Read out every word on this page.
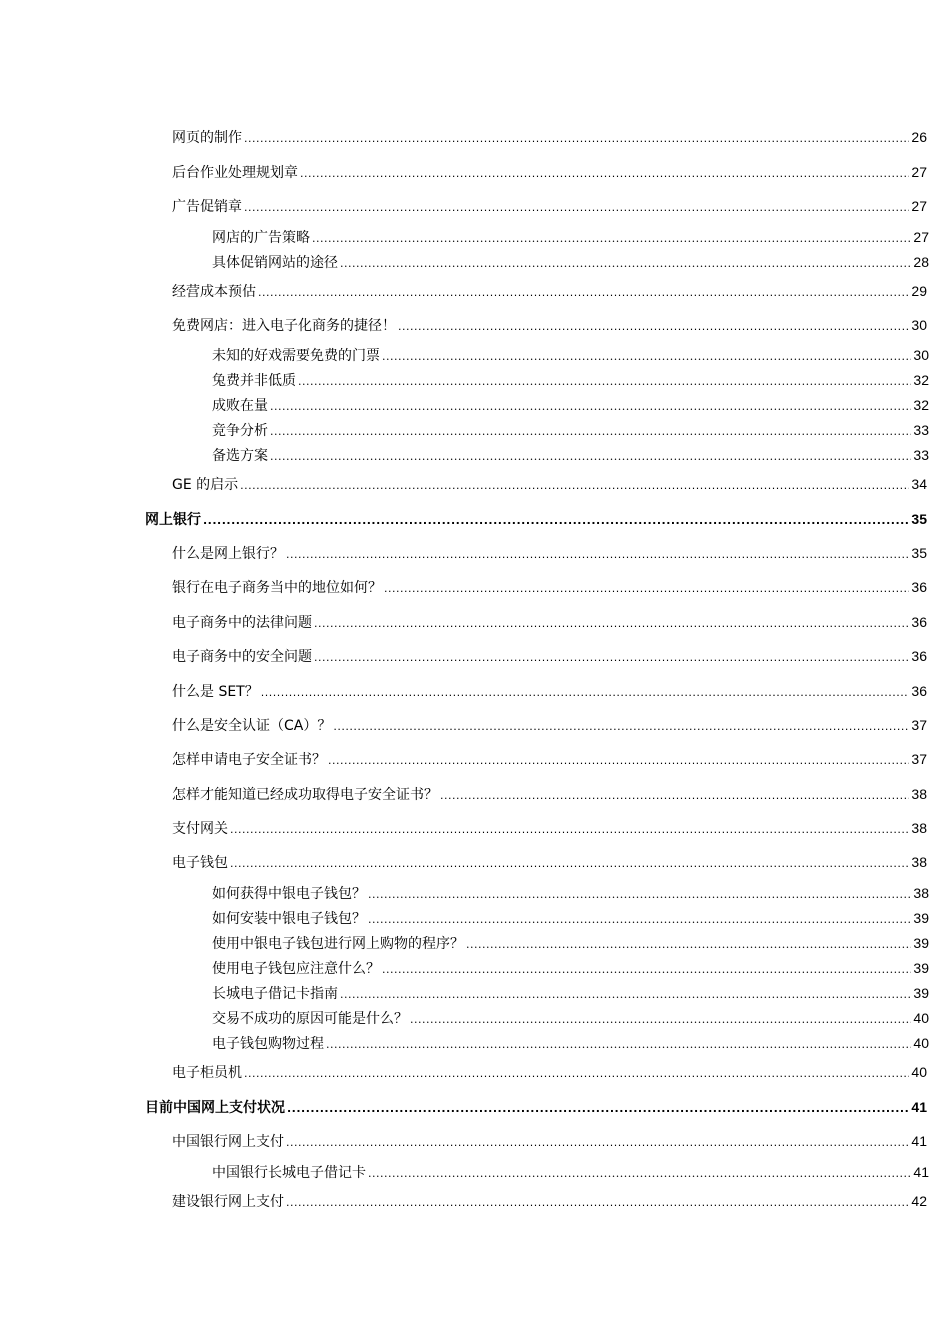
网页的制作 .....	26
后台作业处理规划章 .....	27
广告促销章 .....	27
网店的广告策略 .....	27
具体促销网站的途径 .....	28
经营成本预估 .....	29
免费网店：进入电子化商务的捷径！ .....	30
未知的好戏需要免费的门票 .....	30
兔费并非低质 .....	32
成败在量 .....	32
竞争分析 .....	33
备选方案 .....	33
GE 的启示 .....	34
网上银行 .....	35
什么是网上银行？ .....	35
银行在电子商务当中的地位如何？ .....	36
电子商务中的法律问题 .....	36
电子商务中的安全问题 .....	36
什么是 SET？ .....	36
什么是安全认证（CA）？ .....	37
怎样申请电子安全证书？ .....	37
怎样才能知道已经成功取得电子安全证书？ .....	38
支付网关 .....	38
电子钱包 .....	38
如何获得中银电子钱包？ .....	38
如何安装中银电子钱包？ .....	39
使用中银电子钱包进行网上购物的程序？ .....	39
使用电子钱包应注意什么？ .....	39
长城电子借记卡指南 .....	39
交易不成功的原因可能是什么？ .....	40
电子钱包购物过程 .....	40
电子柜员机 .....	40
目前中国网上支付状况 .....	41
中国银行网上支付 .....	41
中国银行长城电子借记卡 .....	41
建设银行网上支付 .....	42
